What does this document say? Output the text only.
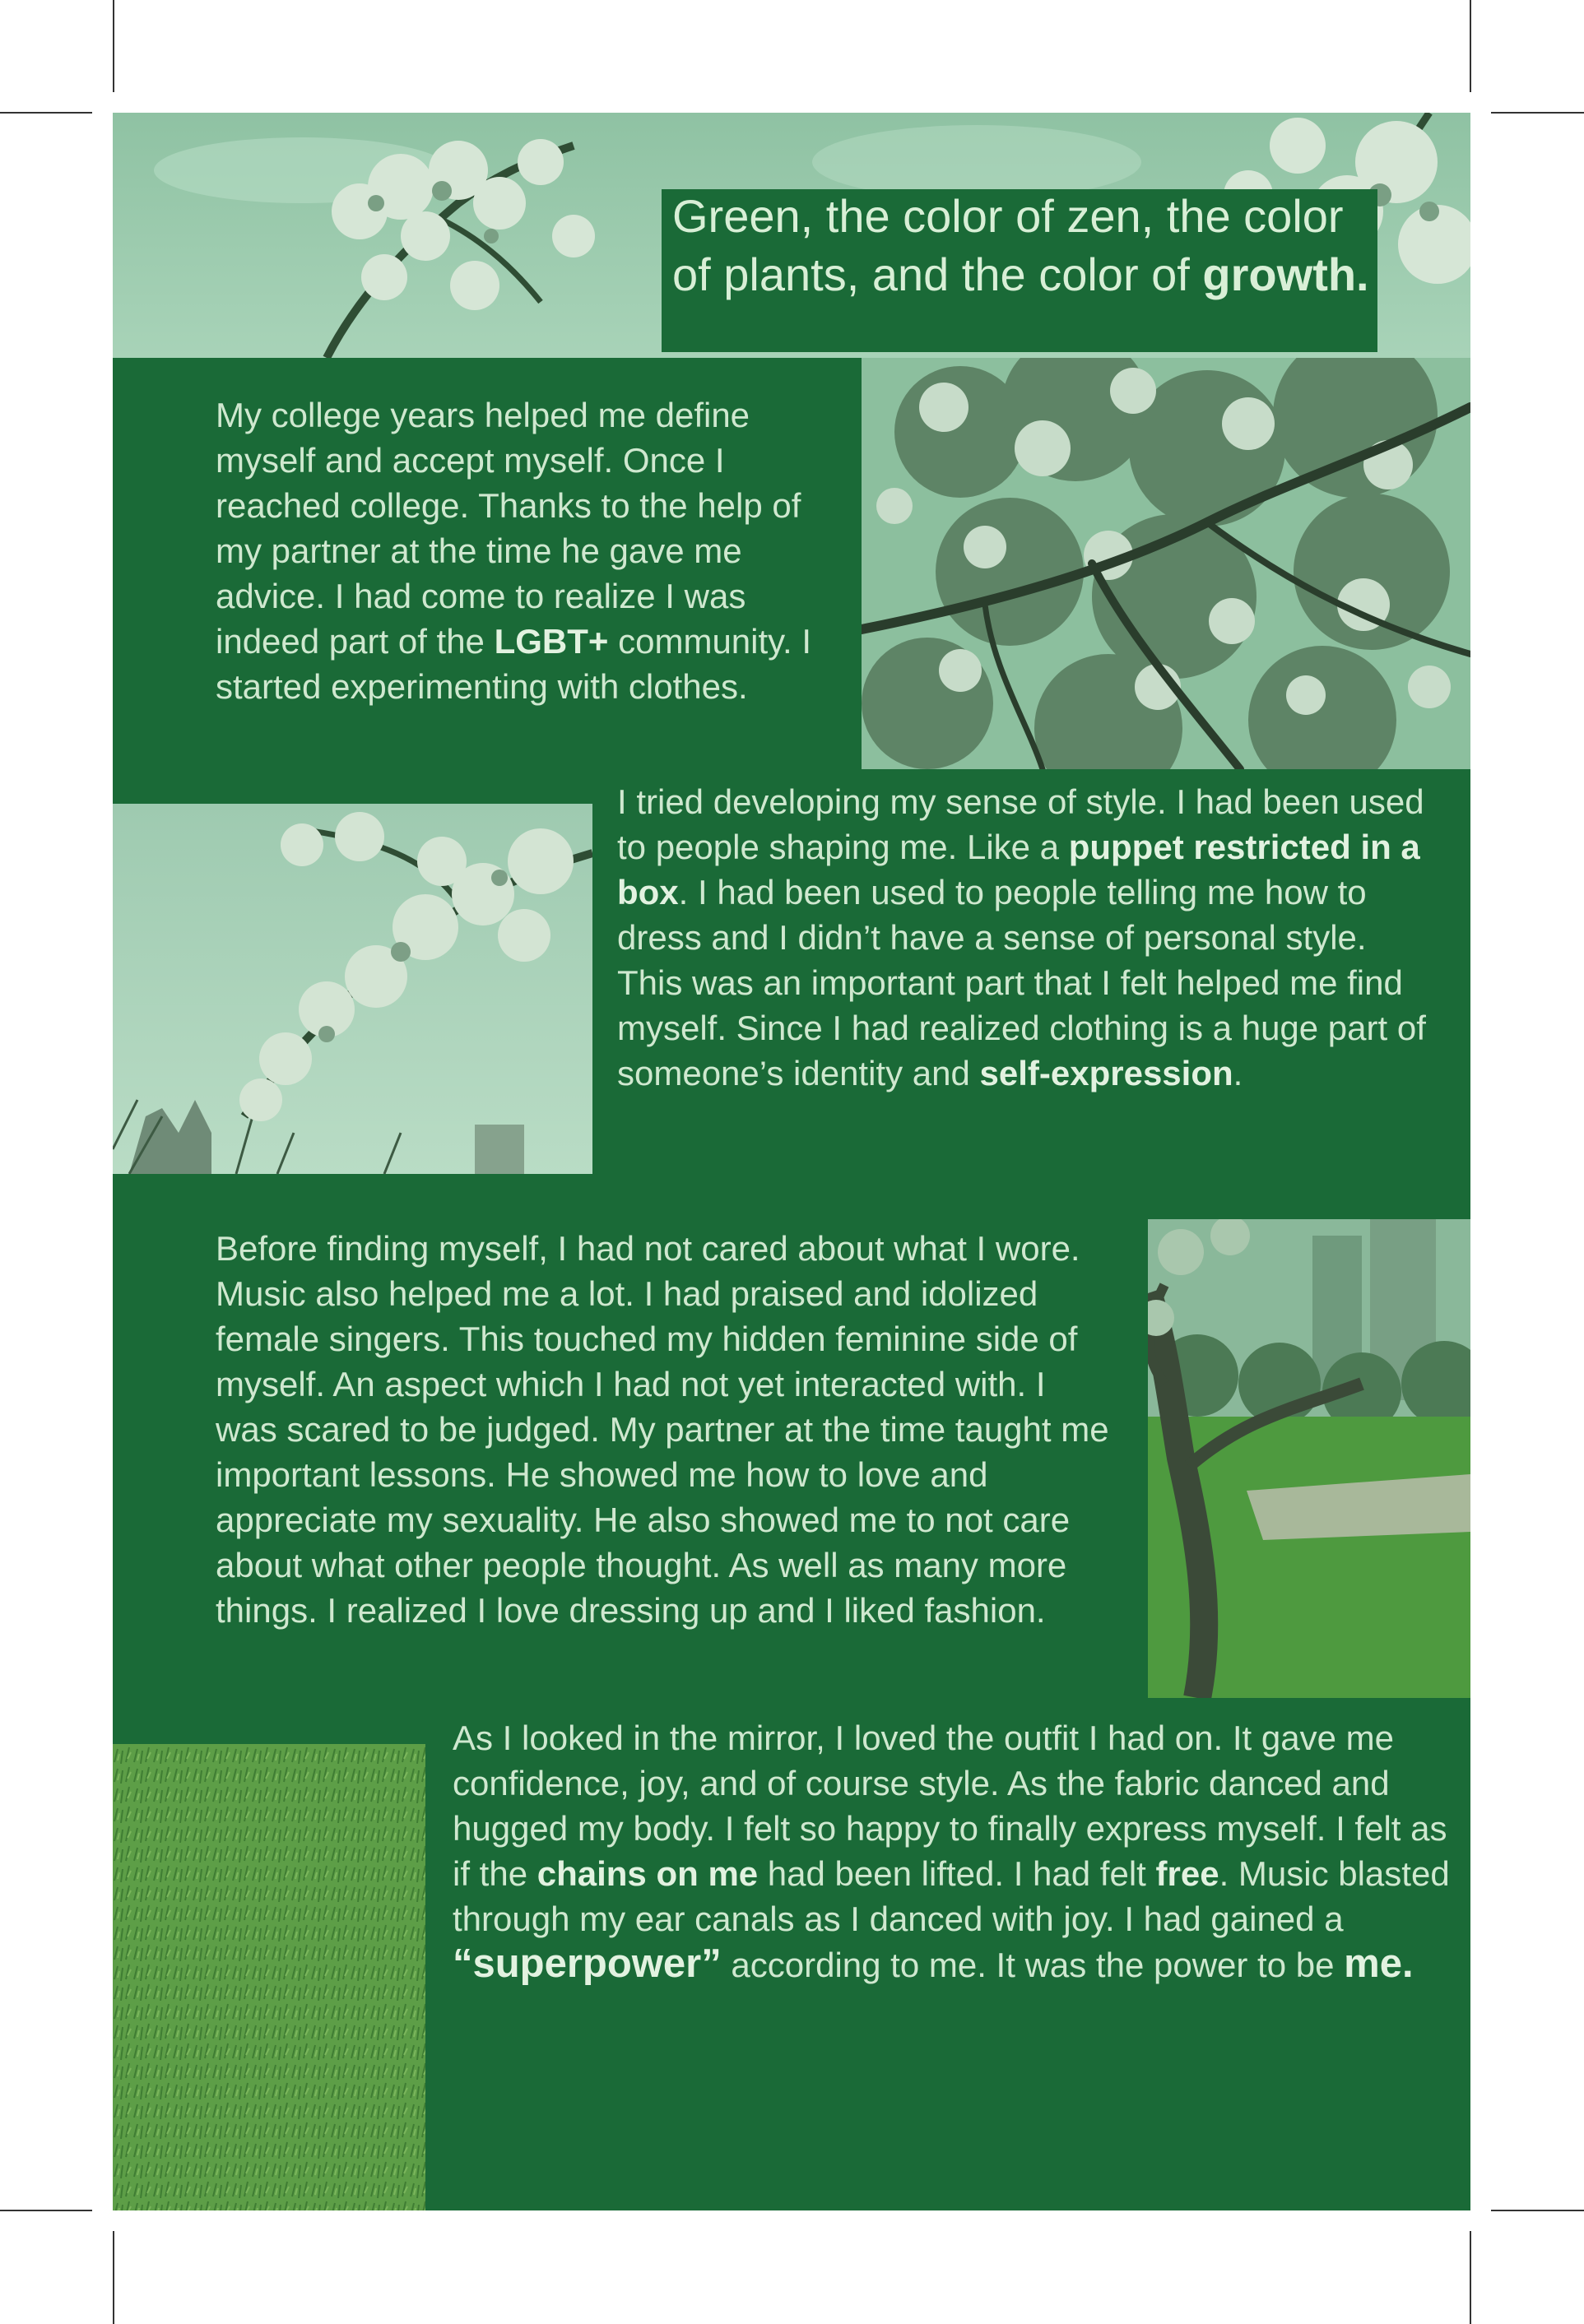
Green, the color of zen, the color of plants, and the color of growth.

My college years helped me define myself and accept myself. Once I reached college. Thanks to the help of my partner at the time he gave me advice. I had come to realize I was indeed part of the LGBT+ community. I started experimenting with clothes.

I tried developing my sense of style. I had been used to people shaping me. Like a puppet restricted in a box. I had been used to people telling me how to dress and I didn’t have a sense of personal style. This was an important part that I felt helped me find myself. Since I had realized clothing is a huge part of someone’s identity and self-expression.

Before finding myself, I had not cared about what I wore. Music also helped me a lot. I had praised and idolized female singers. This touched my hidden feminine side of myself. An aspect which I had not yet interacted with. I was scared to be judged. My partner at the time taught me important lessons. He showed me how to love and appreciate my sexuality. He also showed me to not care about what other people thought. As well as many more things. I realized I love dressing up and I liked fashion.

As I looked in the mirror, I loved the outfit I had on. It gave me confidence, joy, and of course style. As the fabric danced and hugged my body. I felt so happy to finally express myself. I felt as if the chains on me had been lifted. I had felt free. Music blasted through my ear canals as I danced with joy. I had gained a “superpower” according to me. It was the power to be me.
